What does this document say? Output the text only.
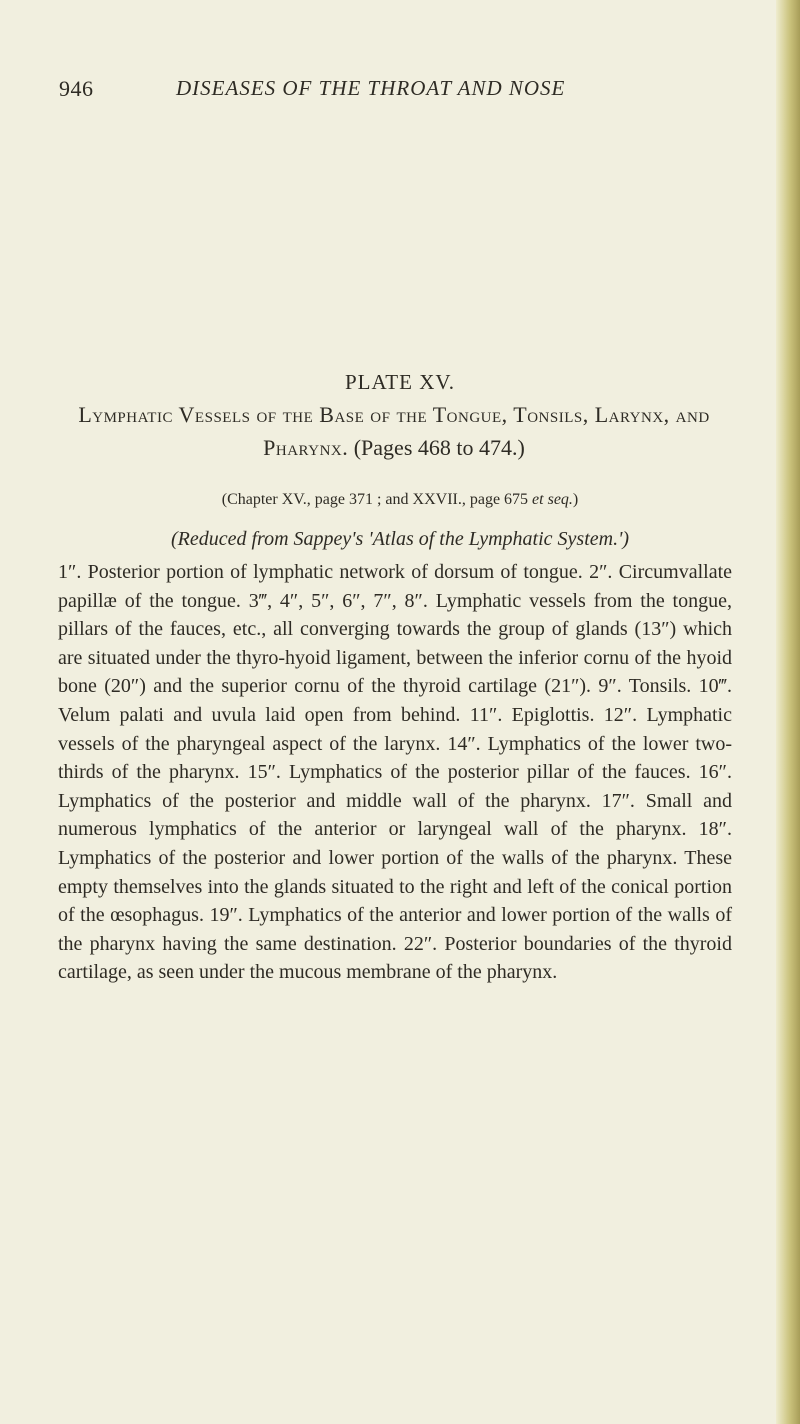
946	DISEASES OF THE THROAT AND NOSE
PLATE XV.
Lymphatic Vessels of the Base of the Tongue, Tonsils, Larynx, and Pharynx. (Pages 468 to 474.)
(Chapter XV., page 371 ; and XXVII., page 675 et seq.)
(Reduced from Sappey's 'Atlas of the Lymphatic System.')
1″. Posterior portion of lymphatic network of dorsum of tongue. 2″. Circumvallate papillæ of the tongue. 3‴, 4″, 5″, 6″, 7″, 8″. Lymphatic vessels from the tongue, pillars of the fauces, etc., all converging towards the group of glands (13″) which are situated under the thyro-hyoid ligament, between the inferior cornu of the hyoid bone (20″) and the superior cornu of the thyroid cartilage (21″). 9″. Tonsils. 10‴. Velum palati and uvula laid open from behind. 11″. Epiglottis. 12″. Lymphatic vessels of the pharyngeal aspect of the larynx. 14″. Lymphatics of the lower two-thirds of the pharynx. 15″. Lymphatics of the posterior pillar of the fauces. 16″. Lymphatics of the posterior and middle wall of the pharynx. 17″. Small and numerous lymphatics of the anterior or laryngeal wall of the pharynx. 18″. Lymphatics of the posterior and lower portion of the walls of the pharynx. These empty themselves into the glands situated to the right and left of the conical portion of the œsophagus. 19″. Lymphatics of the anterior and lower portion of the walls of the pharynx having the same destination. 22″. Posterior boundaries of the thyroid cartilage, as seen under the mucous membrane of the pharynx.
